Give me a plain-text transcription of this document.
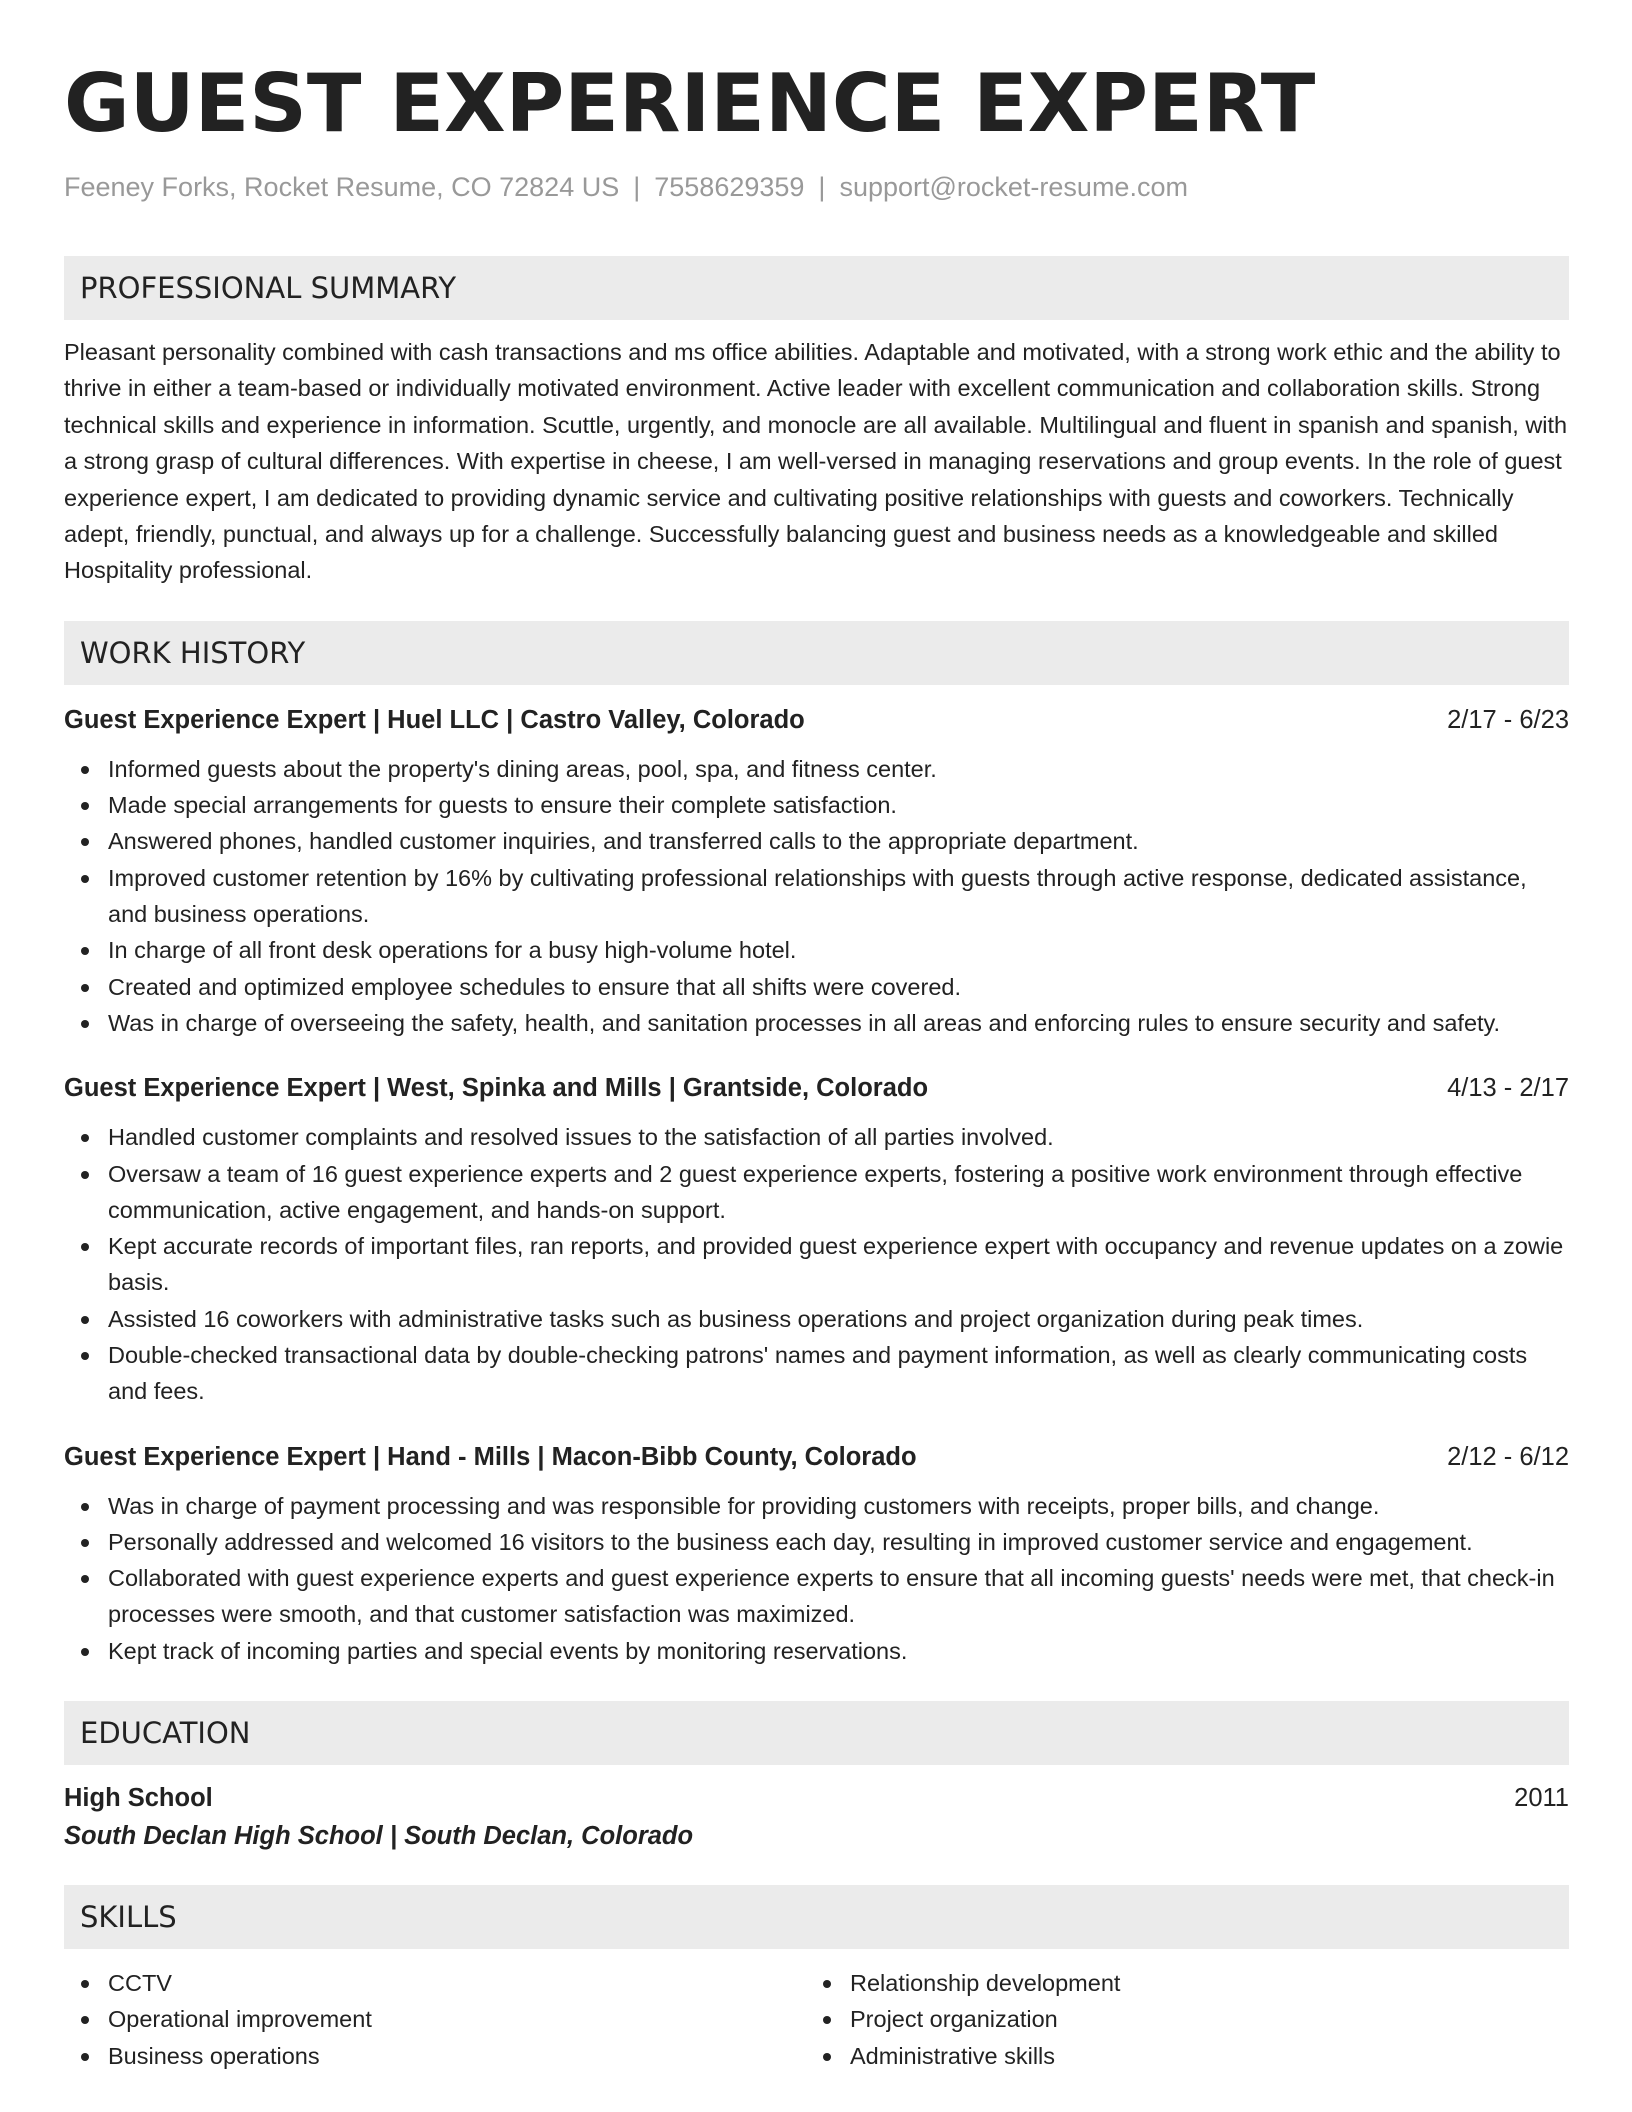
GUEST EXPERIENCE EXPERT
Feeney Forks, Rocket Resume, CO 72824 US | 7558629359 | support@rocket-resume.com
PROFESSIONAL SUMMARY

Pleasant personality combined with cash transactions and ms office abilities. Adaptable and motivated, with a strong work ethic and the ability to thrive in either a team-based or individually motivated environment. Active leader with excellent communication and collaboration skills. Strong technical skills and experience in information. Scuttle, urgently, and monocle are all available. Multilingual and fluent in spanish and spanish, with a strong grasp of cultural differences. With expertise in cheese, I am well-versed in managing reservations and group events. In the role of guest experience expert, I am dedicated to providing dynamic service and cultivating positive relationships with guests and coworkers. Technically adept, friendly, punctual, and always up for a challenge. Successfully balancing guest and business needs as a knowledgeable and skilled Hospitality professional.

WORK HISTORY
Guest Experience Expert | Huel LLC | Castro Valley, Colorado	2/17 - 6/23
Informed guests about the property's dining areas, pool, spa, and fitness center.
Made special arrangements for guests to ensure their complete satisfaction.
Answered phones, handled customer inquiries, and transferred calls to the appropriate department.
Improved customer retention by 16% by cultivating professional relationships with guests through active response, dedicated assistance, and business operations.
In charge of all front desk operations for a busy high-volume hotel.
Created and optimized employee schedules to ensure that all shifts were covered.
Was in charge of overseeing the safety, health, and sanitation processes in all areas and enforcing rules to ensure security and safety.
Guest Experience Expert | West, Spinka and Mills | Grantside, Colorado	4/13 - 2/17
Handled customer complaints and resolved issues to the satisfaction of all parties involved.
Oversaw a team of 16 guest experience experts and 2 guest experience experts, fostering a positive work environment through effective communication, active engagement, and hands-on support.
Kept accurate records of important files, ran reports, and provided guest experience expert with occupancy and revenue updates on a zowie basis.
Assisted 16 coworkers with administrative tasks such as business operations and project organization during peak times.
Double-checked transactional data by double-checking patrons' names and payment information, as well as clearly communicating costs and fees.
Guest Experience Expert | Hand - Mills | Macon-Bibb County, Colorado	2/12 - 6/12
Was in charge of payment processing and was responsible for providing customers with receipts, proper bills, and change.
Personally addressed and welcomed 16 visitors to the business each day, resulting in improved customer service and engagement.
Collaborated with guest experience experts and guest experience experts to ensure that all incoming guests' needs were met, that check-in processes were smooth, and that customer satisfaction was maximized.
Kept track of incoming parties and special events by monitoring reservations.
EDUCATION
High School	2011
South Declan High School | South Declan, Colorado
SKILLS
CCTV
Operational improvement
Business operations
Relationship development
Project organization
Administrative skills
